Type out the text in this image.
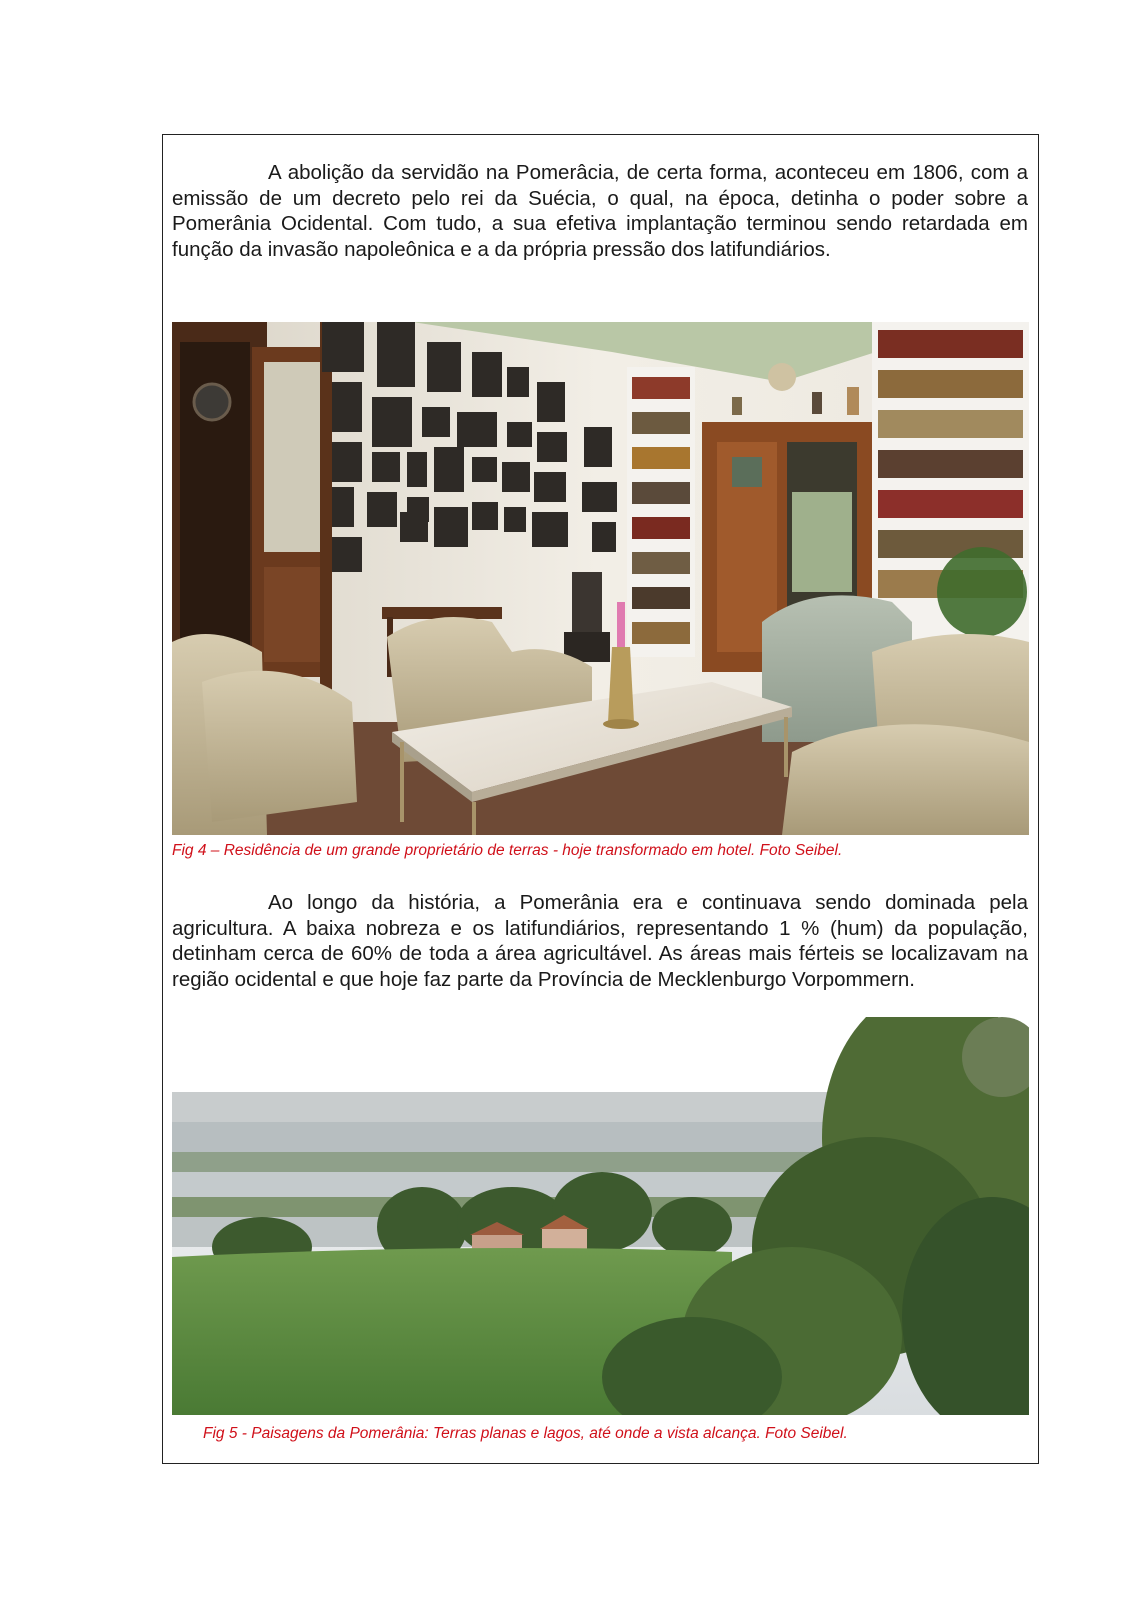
A abolição da servidão na Pomerâcia, de certa forma, aconteceu em 1806, com a emissão de um decreto pelo rei da Suécia, o qual, na época, detinha o poder sobre a Pomerânia Ocidental. Com tudo, a sua efetiva implantação terminou sendo retardada em função da invasão napoleônica e a da própria pressão dos latifundiários.

Fig 4 – Residência de um grande proprietário de terras - hoje transformado em hotel. Foto Seibel.

Ao longo da história, a Pomerânia era e continuava sendo dominada pela agricultura. A baixa nobreza e os latifundiários, representando 1 % (hum) da população, detinham cerca de 60% de toda a área agricultável. As áreas mais férteis se localizavam na região ocidental e que hoje faz parte da Província de Mecklenburgo Vorpommern.

Fig 5 - Paisagens da Pomerânia: Terras planas e lagos, até onde a vista alcança. Foto Seibel.
